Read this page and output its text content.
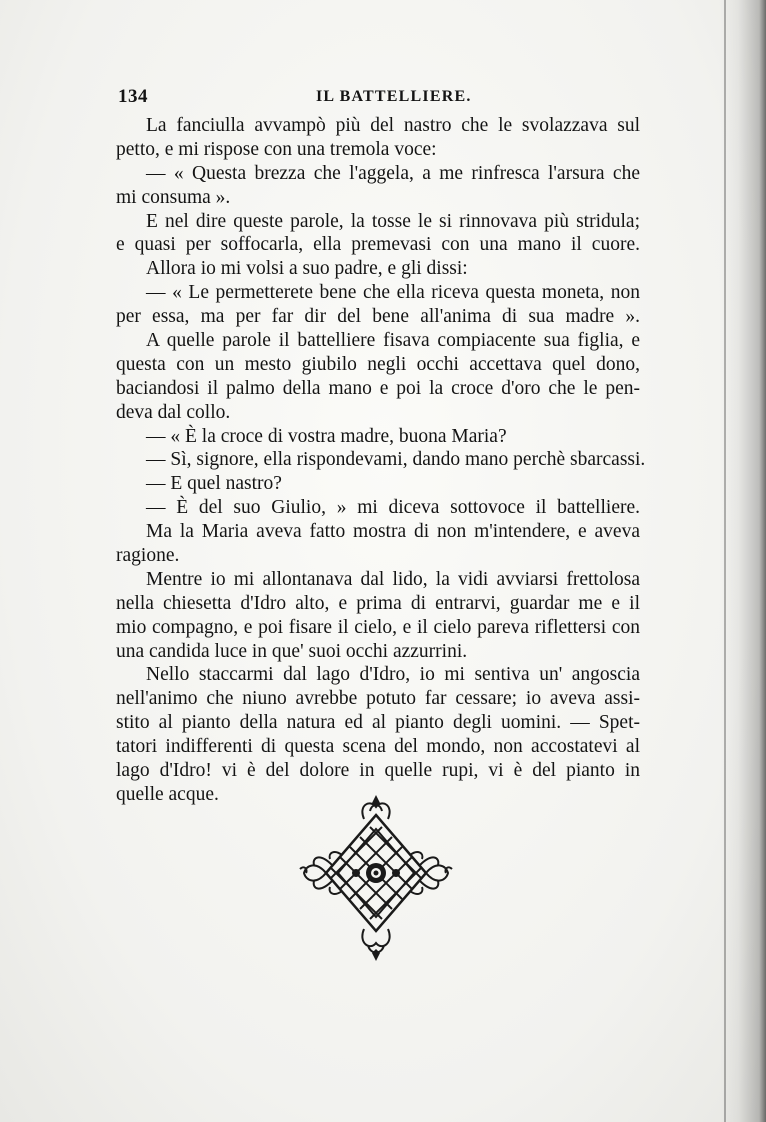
134	IL BATTELLIERE.
La fanciulla avvampò più del nastro che le svolazzava sul
petto, e mi rispose con una tremola voce:
— « Questa brezza che l'aggela, a me rinfresca l'arsura che
mi consuma ».
E nel dire queste parole, la tosse le si rinnovava più stridula;
e quasi per soffocarla, ella premevasi con una mano il cuore.
Allora io mi volsi a suo padre, e gli dissi:
— « Le permetterete bene che ella riceva questa moneta, non
per essa, ma per far dir del bene all'anima di sua madre ».
A quelle parole il battelliere fisava compiacente sua figlia, e
questa con un mesto giubilo negli occhi accettava quel dono,
baciandosi il palmo della mano e poi la croce d'oro che le pen-
deva dal collo.
— « È la croce di vostra madre, buona Maria?
— Sì, signore, ella rispondevami, dando mano perchè sbarcassi.
— E quel nastro?
— È del suo Giulio, » mi diceva sottovoce il battelliere.
Ma la Maria aveva fatto mostra di non m'intendere, e aveva
ragione.
Mentre io mi allontanava dal lido, la vidi avviarsi frettolosa
nella chiesetta d'Idro alto, e prima di entrarvi, guardar me e il
mio compagno, e poi fisare il cielo, e il cielo pareva riflettersi con
una candida luce in que' suoi occhi azzurrini.
Nello staccarmi dal lago d'Idro, io mi sentiva un' angoscia
nell'animo che niuno avrebbe potuto far cessare; io aveva assi-
stito al pianto della natura ed al pianto degli uomini. — Spet-
tatori indifferenti di questa scena del mondo, non accostatevi al
lago d'Idro! vi è del dolore in quelle rupi, vi è del pianto in
quelle acque.
